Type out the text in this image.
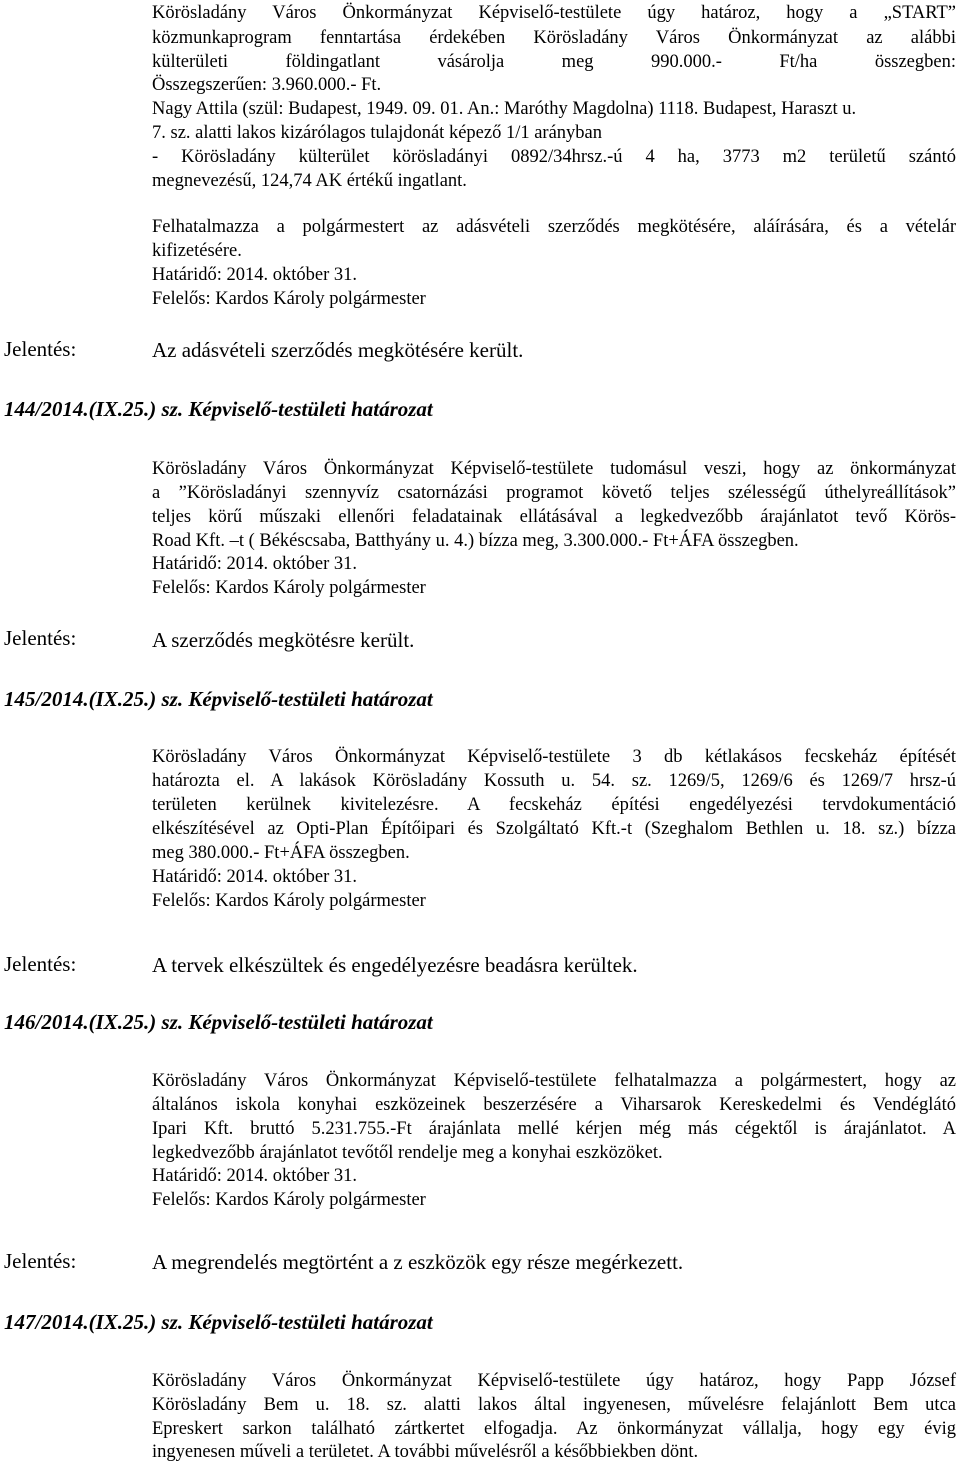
Körösladány Város Önkormányzat Képviselő-testülete úgy határoz, hogy a „START”
közmunkaprogram fenntartása érdekében Körösladány Város Önkormányzat az alábbi
külterületi földingatlant vásárolja meg 990.000.- Ft/ha összegben:
Összegszerűen: 3.960.000.- Ft.
Nagy Attila (szül: Budapest, 1949. 09. 01. An.: Maróthy Magdolna) 1118. Budapest, Haraszt u.
7. sz. alatti lakos kizárólagos tulajdonát képező 1/1 arányban
- Körösladány külterület körösladányi 0892/34hrsz.-ú 4 ha, 3773 m2 területű szántó
megnevezésű, 124,74 AK értékű ingatlant.
Felhatalmazza a polgármestert az adásvételi szerződés megkötésére, aláírására, és a vételár
kifizetésére.
Határidő: 2014. október 31.
Felelős: Kardos Károly polgármester
Jelentés:	Az adásvételi szerződés megkötésére került.
144/2014.(IX.25.) sz. Képviselő-testületi határozat
Körösladány Város Önkormányzat Képviselő-testülete tudomásul veszi, hogy az önkormányzat
a ”Körösladányi szennyvíz csatornázási programot követő teljes szélességű úthelyreállítások”
teljes körű műszaki ellenőri feladatainak ellátásával a legkedvezőbb árajánlatot tevő Körös-
Road Kft. –t ( Békéscsaba, Batthyány u. 4.) bízza meg, 3.300.000.- Ft+ÁFA összegben.
Határidő: 2014. október 31.
Felelős: Kardos Károly polgármester
Jelentés:	A szerződés megkötésre került.
145/2014.(IX.25.) sz. Képviselő-testületi határozat
Körösladány Város Önkormányzat Képviselő-testülete 3 db kétlakásos fecskeház építését
határozta el. A lakások Körösladány Kossuth u. 54. sz. 1269/5, 1269/6 és 1269/7 hrsz-ú
területen kerülnek kivitelezésre. A fecskeház építési engedélyezési tervdokumentáció
elkészítésével az Opti-Plan Építőipari és Szolgáltató Kft.-t (Szeghalom Bethlen u. 18. sz.) bízza
meg 380.000.- Ft+ÁFA összegben.
Határidő: 2014. október 31.
Felelős: Kardos Károly polgármester
Jelentés:	A tervek elkészültek és engedélyezésre beadásra kerültek.
146/2014.(IX.25.) sz. Képviselő-testületi határozat
Körösladány Város Önkormányzat Képviselő-testülete felhatalmazza a polgármestert, hogy az
általános iskola konyhai eszközeinek beszerzésére a Viharsarok Kereskedelmi és Vendéglátó
Ipari Kft. bruttó 5.231.755.-Ft árajánlata mellé kérjen még más cégektől is árajánlatot. A
legkedvezőbb árajánlatot tevőtől rendelje meg a konyhai eszközöket.
Határidő: 2014. október 31.
Felelős: Kardos Károly polgármester
Jelentés:	A megrendelés megtörtént a z eszközök egy része megérkezett.
147/2014.(IX.25.) sz. Képviselő-testületi határozat
Körösladány Város Önkormányzat Képviselő-testülete úgy határoz, hogy Papp József
Körösladány Bem u. 18. sz. alatti lakos által ingyenesen, művelésre felajánlott Bem utca
Epreskert sarkon található zártkertet elfogadja. Az önkormányzat vállalja, hogy egy évig
ingyenesen műveli a területet. A további művelésről a későbbiekben dönt.
